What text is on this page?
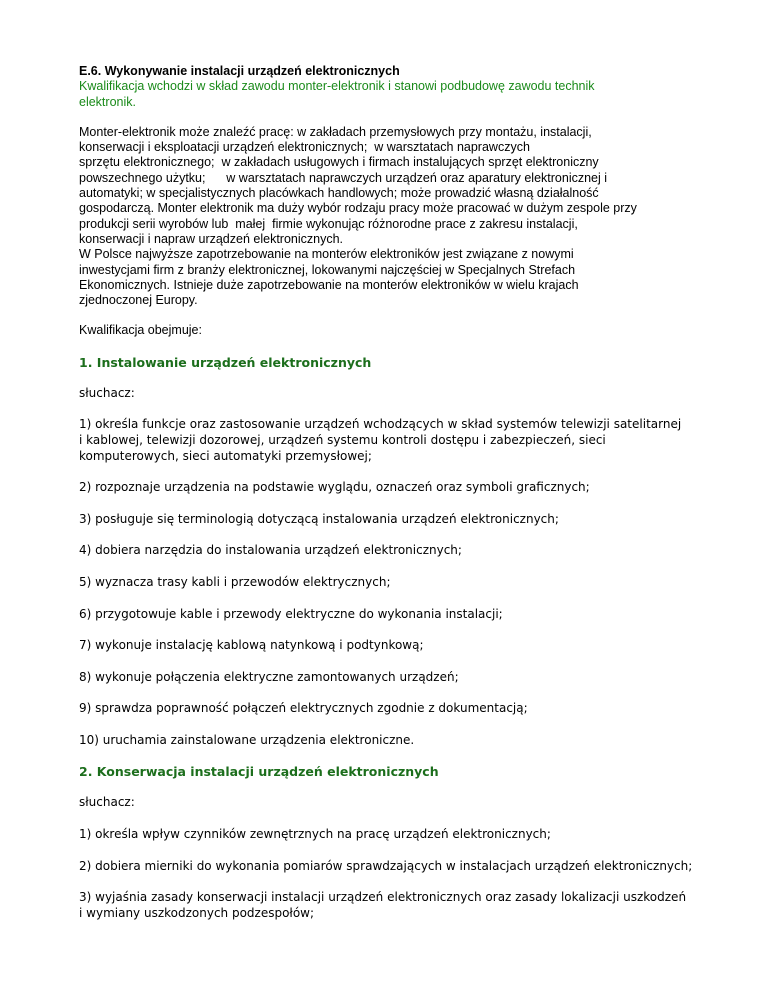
E.6. Wykonywanie instalacji urządzeń elektronicznych
Kwalifikacja wchodzi w skład zawodu monter-elektronik i stanowi podbudowę zawodu technik
elektronik.
Monter-elektronik może znaleźć pracę: w zakładach przemysłowych przy montażu, instalacji,
konserwacji i eksploatacji urządzeń elektronicznych;  w warsztatach naprawczych
sprzętu elektronicznego;  w zakładach usługowych i firmach instalujących sprzęt elektroniczny
powszechnego użytku;      w warsztatach naprawczych urządzeń oraz aparatury elektronicznej i
automatyki; w specjalistycznych placówkach handlowych; może prowadzić własną działalność
gospodarczą. Monter elektronik ma duży wybór rodzaju pracy może pracować w dużym zespole przy
produkcji serii wyrobów lub  małej  firmie wykonując różnorodne prace z zakresu instalacji,
konserwacji i napraw urządzeń elektronicznych.
W Polsce najwyższe zapotrzebowanie na monterów elektroników jest związane z nowymi
inwestycjami firm z branży elektronicznej, lokowanymi najczęściej w Specjalnych Strefach
Ekonomicznych. Istnieje duże zapotrzebowanie na monterów elektroników w wielu krajach
zjednoczonej Europy.
Kwalifikacja obejmuje:
1. Instalowanie urządzeń elektronicznych
słuchacz:
1) określa funkcje oraz zastosowanie urządzeń wchodzących w skład systemów telewizji satelitarnej
i kablowej, telewizji dozorowej, urządzeń systemu kontroli dostępu i zabezpieczeń, sieci
komputerowych, sieci automatyki przemysłowej;
2) rozpoznaje urządzenia na podstawie wyglądu, oznaczeń oraz symboli graficznych;
3) posługuje się terminologią dotyczącą instalowania urządzeń elektronicznych;
4) dobiera narzędzia do instalowania urządzeń elektronicznych;
5) wyznacza trasy kabli i przewodów elektrycznych;
6) przygotowuje kable i przewody elektryczne do wykonania instalacji;
7) wykonuje instalację kablową natynkową i podtynkową;
8) wykonuje połączenia elektryczne zamontowanych urządzeń;
9) sprawdza poprawność połączeń elektrycznych zgodnie z dokumentacją;
10) uruchamia zainstalowane urządzenia elektroniczne.
2. Konserwacja instalacji urządzeń elektronicznych
słuchacz:
1) określa wpływ czynników zewnętrznych na pracę urządzeń elektronicznych;
2) dobiera mierniki do wykonania pomiarów sprawdzających w instalacjach urządzeń elektronicznych;
3) wyjaśnia zasady konserwacji instalacji urządzeń elektronicznych oraz zasady lokalizacji uszkodzeń
i wymiany uszkodzonych podzespołów;
